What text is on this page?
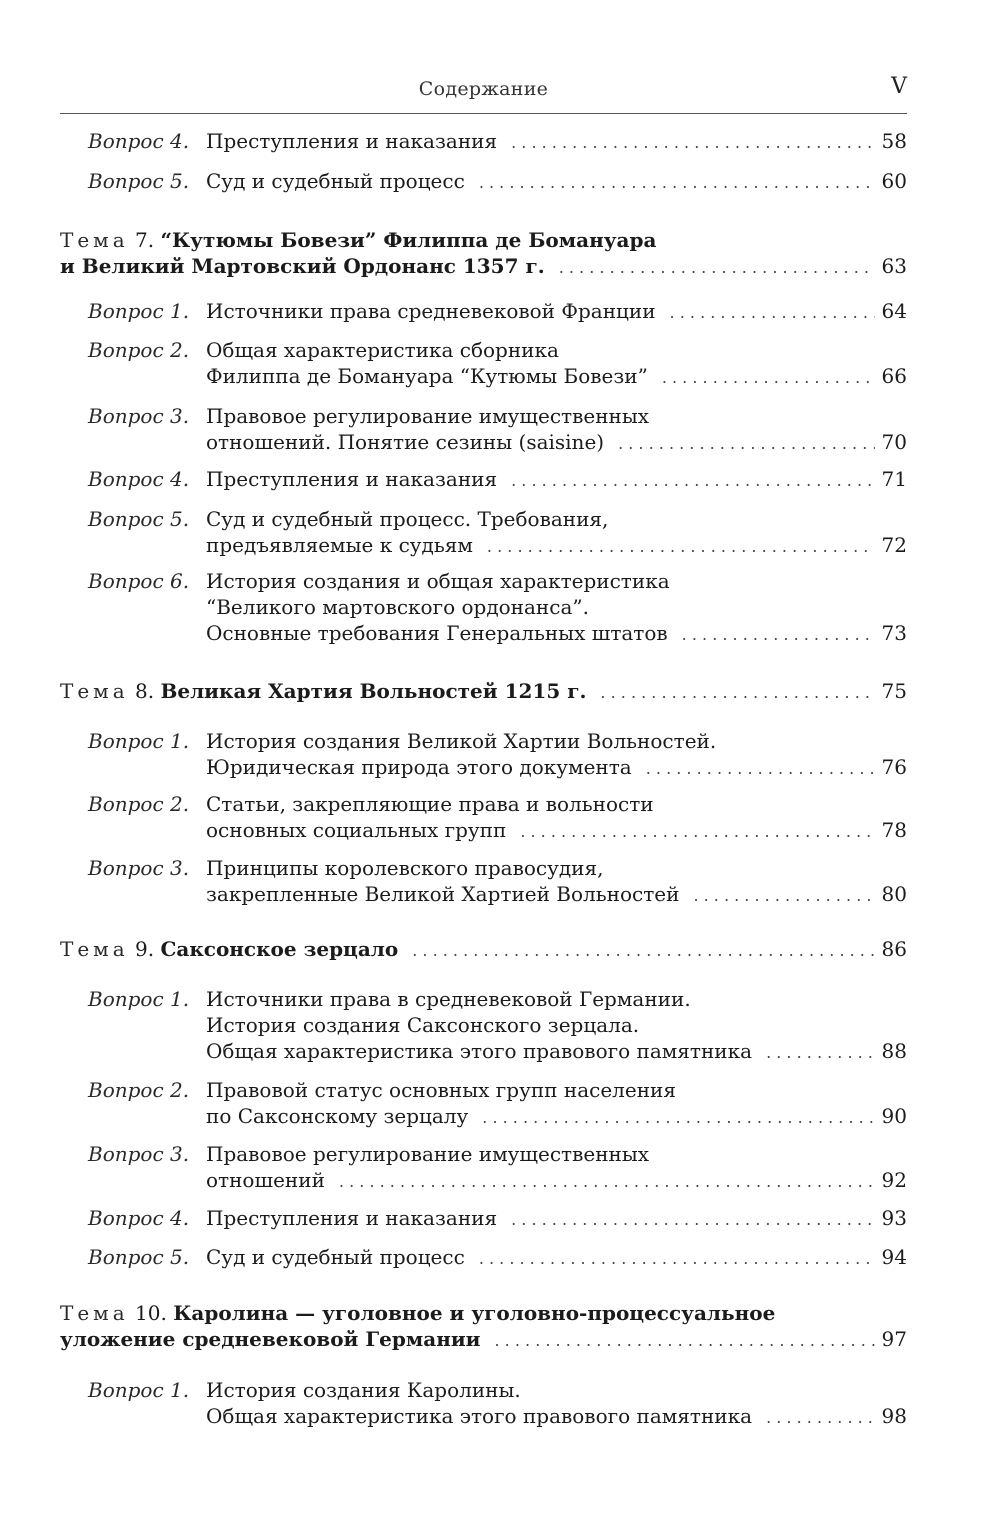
Содержание	V
Вопрос 4. Преступления и наказания . . .	58
Вопрос 5. Суд и судебный процесс . . .	60
Тема 7. “Кутюмы Бовези” Филиппа де Бомануара
и Великий Мартовский Ордонанс 1357 г. . . .	63
Вопрос 1. Источники права средневековой Франции . . .	64
Вопрос 2. Общая характеристика сборника
Филиппа де Бомануара “Кутюмы Бовези” . . .	66
Вопрос 3. Правовое регулирование имущественных
отношений. Понятие сезины (saisine) . . .	70
Вопрос 4. Преступления и наказания . . .	71
Вопрос 5. Суд и судебный процесс. Требования,
предъявляемые к судьям . . .	72
Вопрос 6. История создания и общая характеристика
“Великого мартовского ордонанса”.
Основные требования Генеральных штатов . . .	73
Тема 8. Великая Хартия Вольностей 1215 г. . . .	75
Вопрос 1. История создания Великой Хартии Вольностей.
Юридическая природа этого документа . . .	76
Вопрос 2. Статьи, закрепляющие права и вольности
основных социальных групп . . .	78
Вопрос 3. Принципы королевского правосудия,
закрепленные Великой Хартией Вольностей . . .	80
Тема 9. Саксонское зерцало . . .	86
Вопрос 1. Источники права в средневековой Германии.
История создания Саксонского зерцала.
Общая характеристика этого правового памятника . . .	88
Вопрос 2. Правовой статус основных групп населения
по Саксонскому зерцалу . . .	90
Вопрос 3. Правовое регулирование имущественных
отношений . . .	92
Вопрос 4. Преступления и наказания . . .	93
Вопрос 5. Суд и судебный процесс . . .	94
Тема 10. Каролина — уголовное и уголовно-процессуальное
уложение средневековой Германии . . .	97
Вопрос 1. История создания Каролины.
Общая характеристика этого правового памятника . . .	98
